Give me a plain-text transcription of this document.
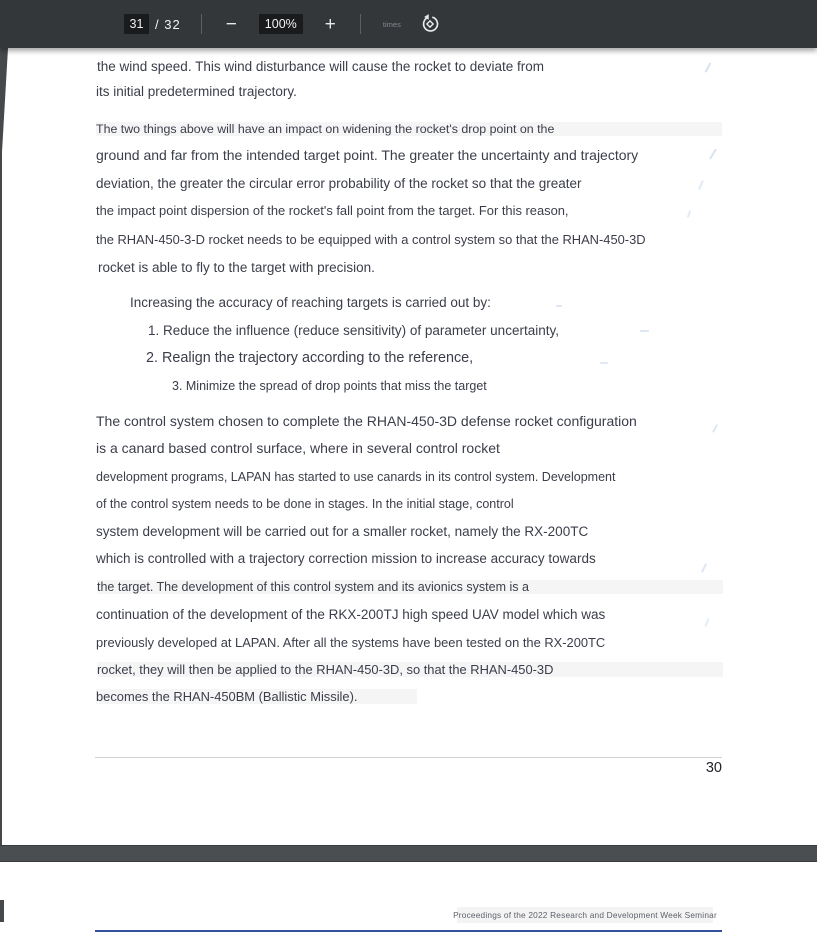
31 / 32	−	100%	+	times
the wind speed. This wind disturbance will cause the rocket to deviate from
its initial predetermined trajectory.
The two things above will have an impact on widening the rocket's drop point on the
ground and far from the intended target point. The greater the uncertainty and trajectory
deviation, the greater the circular error probability of the rocket so that the greater
the impact point dispersion of the rocket's fall point from the target. For this reason,
the RHAN-450-3-D rocket needs to be equipped with a control system so that the RHAN-450-3D
rocket is able to fly to the target with precision.
Increasing the accuracy of reaching targets is carried out by:
1. Reduce the influence (reduce sensitivity) of parameter uncertainty,
2. Realign the trajectory according to the reference,
3. Minimize the spread of drop points that miss the target
The control system chosen to complete the RHAN-450-3D defense rocket configuration
is a canard based control surface, where in several control rocket
development programs, LAPAN has started to use canards in its control system. Development
of the control system needs to be done in stages. In the initial stage, control
system development will be carried out for a smaller rocket, namely the RX-200TC
which is controlled with a trajectory correction mission to increase accuracy towards
the target. The development of this control system and its avionics system is a
continuation of the development of the RKX-200TJ high speed UAV model which was
previously developed at LAPAN. After all the systems have been tested on the RX-200TC
rocket, they will then be applied to the RHAN-450-3D, so that the RHAN-450-3D
becomes the RHAN-450BM (Ballistic Missile).
30
Proceedings of the 2022 Research and Development Week Seminar
